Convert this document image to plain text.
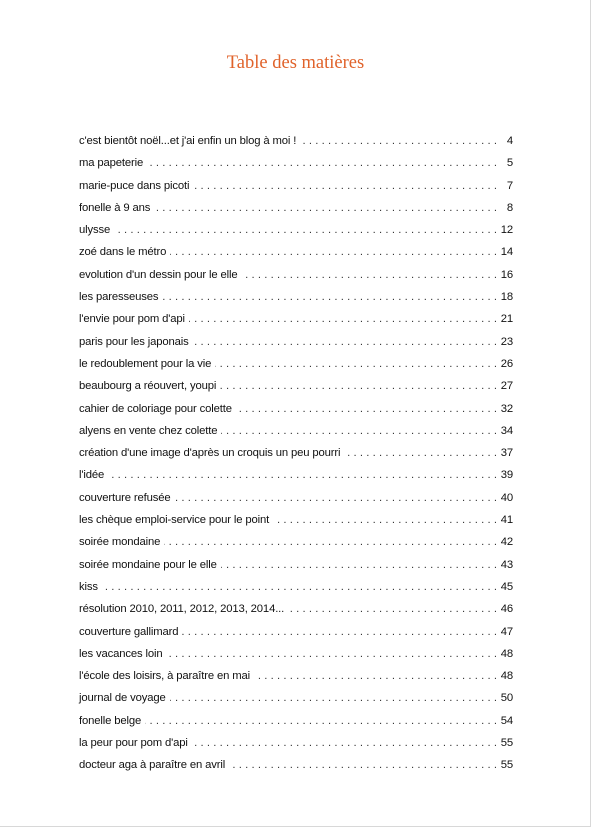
Table des matières
c'est bientôt noël...et j'ai enfin un blog à moi ! . . .	4
ma papeterie . . .	5
marie-puce dans picoti . . .	7
fonelle à 9 ans . . .	8
ulysse . . .	12
zoé dans le métro . . .	14
evolution d'un dessin pour le elle . . .	16
les paresseuses . . .	18
l'envie pour pom d'api . . .	21
paris pour les japonais . . .	23
le redoublement pour la vie . . .	26
beaubourg a réouvert, youpi . . .	27
cahier de coloriage pour colette . . .	32
alyens en vente chez colette . . .	34
création d'une image d'après un croquis un peu pourri . . .	37
l'idée . . .	39
couverture refusée . . .	40
les chèque emploi-service pour le point . . .	41
soirée mondaine . . .	42
soirée mondaine pour le elle . . .	43
kiss . . .	45
résolution 2010, 2011, 2012, 2013, 2014... . . .	46
couverture gallimard . . .	47
les vacances loin . . .	48
l'école des loisirs, à paraître en mai . . .	48
journal de voyage . . .	50
fonelle belge . . .	54
la peur pour pom d'api . . .	55
docteur aga à paraître en avril . . .	55
